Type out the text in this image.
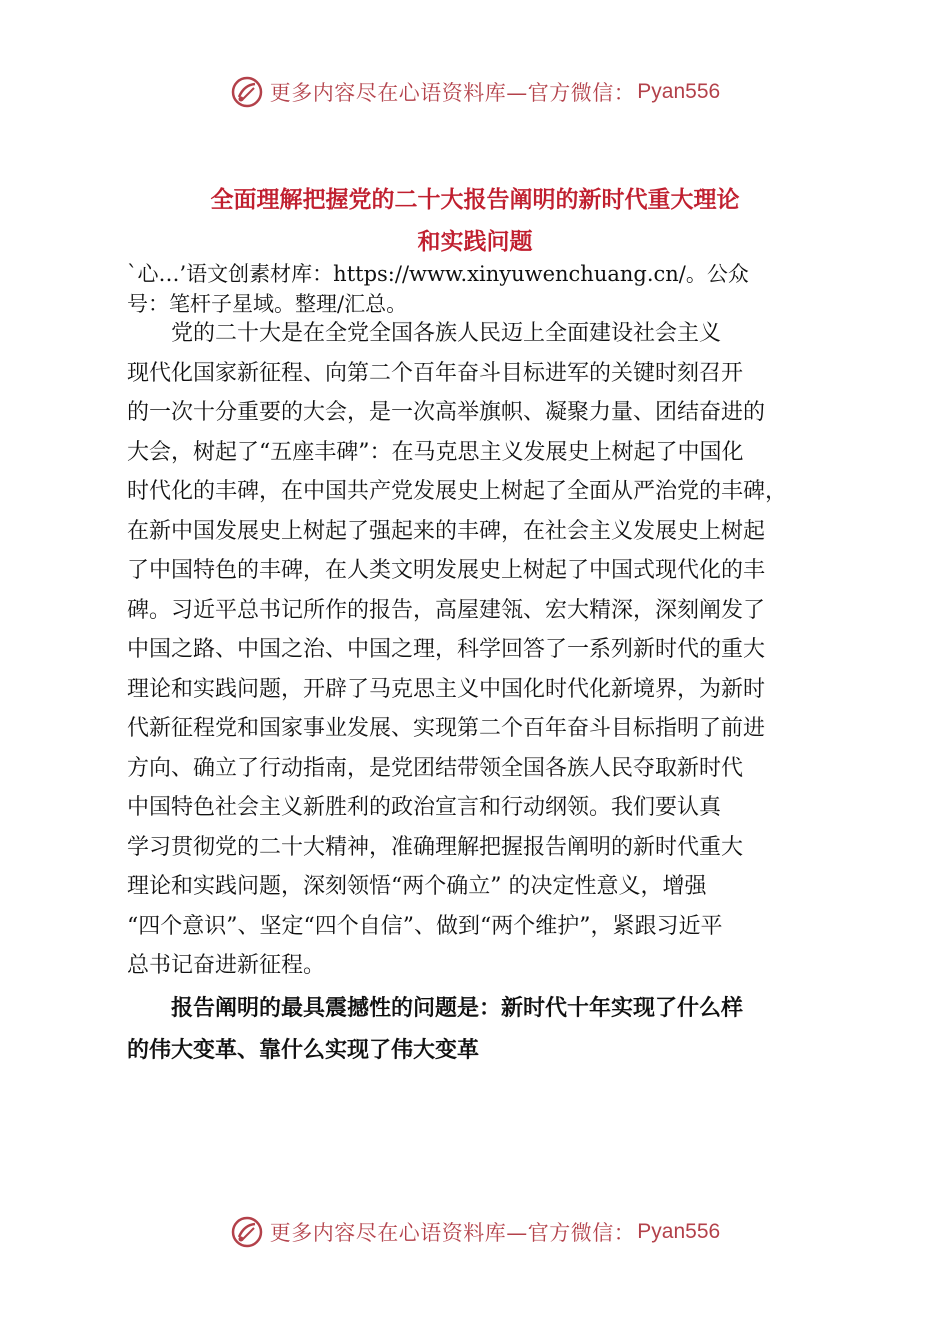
更多内容尽在心语资料库—官方微信： Pyan556
全面理解把握党的二十大报告阐明的新时代重大理论
和实践问题
`心…’语文创素材库：https://www.xinyuwenchuang.cn/。公众
号：笔杆子星域。整理/汇总。
　　党的二十大是在全党全国各族人民迈上全面建设社会主义
现代化国家新征程、向第二个百年奋斗目标进军的关键时刻召开
的一次十分重要的大会，是一次高举旗帜、凝聚力量、团结奋进的
大会，树起了“五座丰碑”：在马克思主义发展史上树起了中国化
时代化的丰碑，在中国共产党发展史上树起了全面从严治党的丰碑，
在新中国发展史上树起了强起来的丰碑，在社会主义发展史上树起
了中国特色的丰碑，在人类文明发展史上树起了中国式现代化的丰
碑。习近平总书记所作的报告，高屋建瓴、宏大精深，深刻阐发了
中国之路、中国之治、中国之理，科学回答了一系列新时代的重大
理论和实践问题，开辟了马克思主义中国化时代化新境界，为新时
代新征程党和国家事业发展、实现第二个百年奋斗目标指明了前进
方向、确立了行动指南，是党团结带领全国各族人民夺取新时代
中国特色社会主义新胜利的政治宣言和行动纲领。我们要认真
学习贯彻党的二十大精神，准确理解把握报告阐明的新时代重大
理论和实践问题，深刻领悟“两个确立” 的决定性意义，增强
“四个意识”、坚定“四个自信”、做到“两个维护”，紧跟习近平
总书记奋进新征程。
　　报告阐明的最具震撼性的问题是：新时代十年实现了什么样
的伟大变革、靠什么实现了伟大变革
更多内容尽在心语资料库—官方微信： Pyan556
